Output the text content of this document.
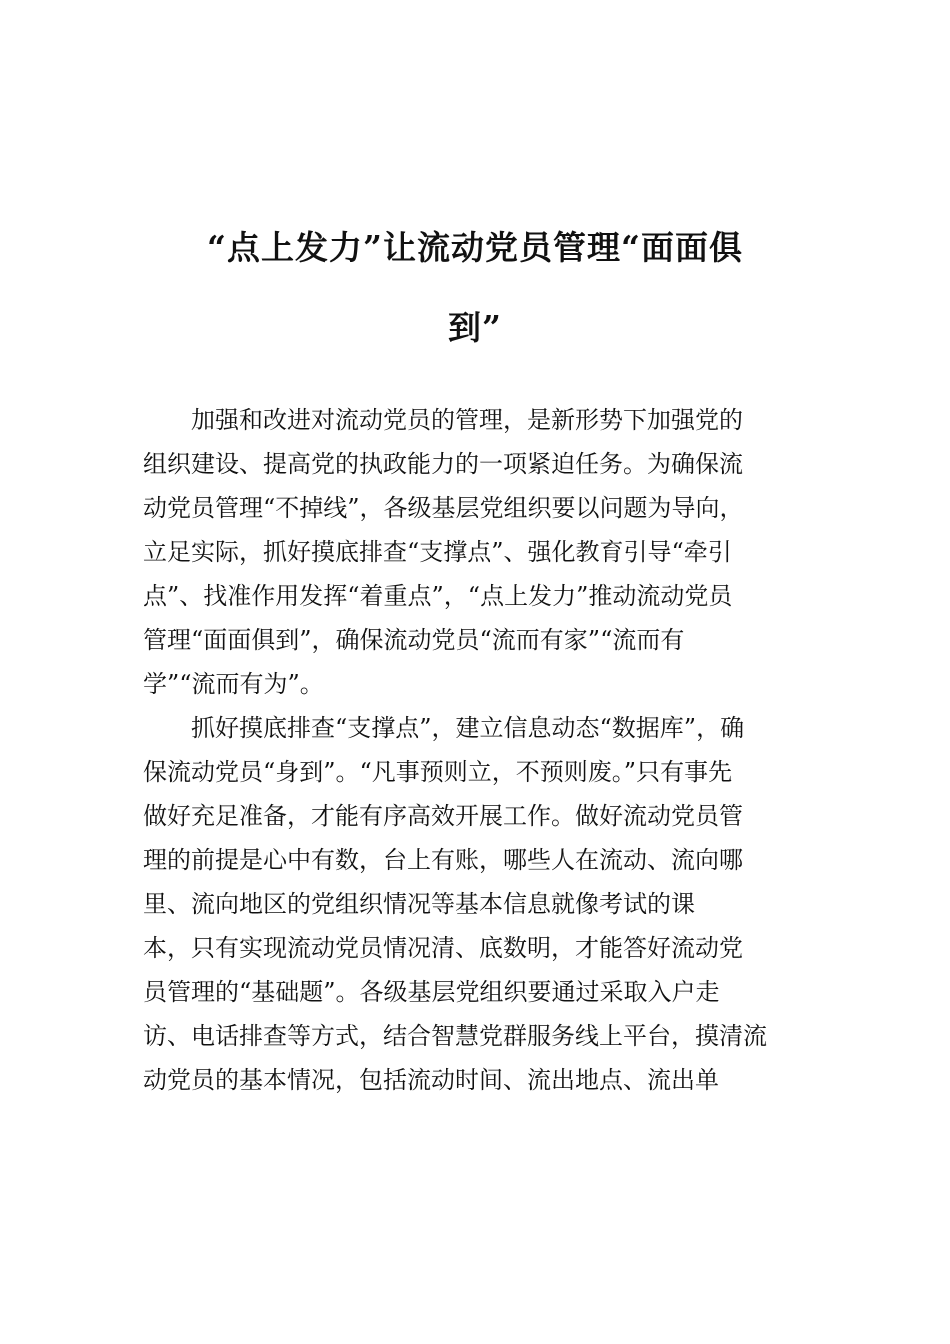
“点上发力”让流动党员管理“面面俱
到”

加强和改进对流动党员的管理，是新形势下加强党的
组织建设、提高党的执政能力的一项紧迫任务。为确保流
动党员管理“不掉线”，各级基层党组织要以问题为导向，
立足实际，抓好摸底排查“支撑点”、强化教育引导“牵引
点”、找准作用发挥“着重点”，“点上发力”推动流动党员
管理“面面俱到”，确保流动党员“流而有家”“流而有
学”“流而有为”。

抓好摸底排查“支撑点”，建立信息动态“数据库”，确
保流动党员“身到”。“凡事预则立，不预则废。”只有事先
做好充足准备，才能有序高效开展工作。做好流动党员管
理的前提是心中有数，台上有账，哪些人在流动、流向哪
里、流向地区的党组织情况等基本信息就像考试的课
本，只有实现流动党员情况清、底数明，才能答好流动党
员管理的“基础题”。各级基层党组织要通过采取入户走
访、电话排查等方式，结合智慧党群服务线上平台，摸清流
动党员的基本情况，包括流动时间、流出地点、流出单
